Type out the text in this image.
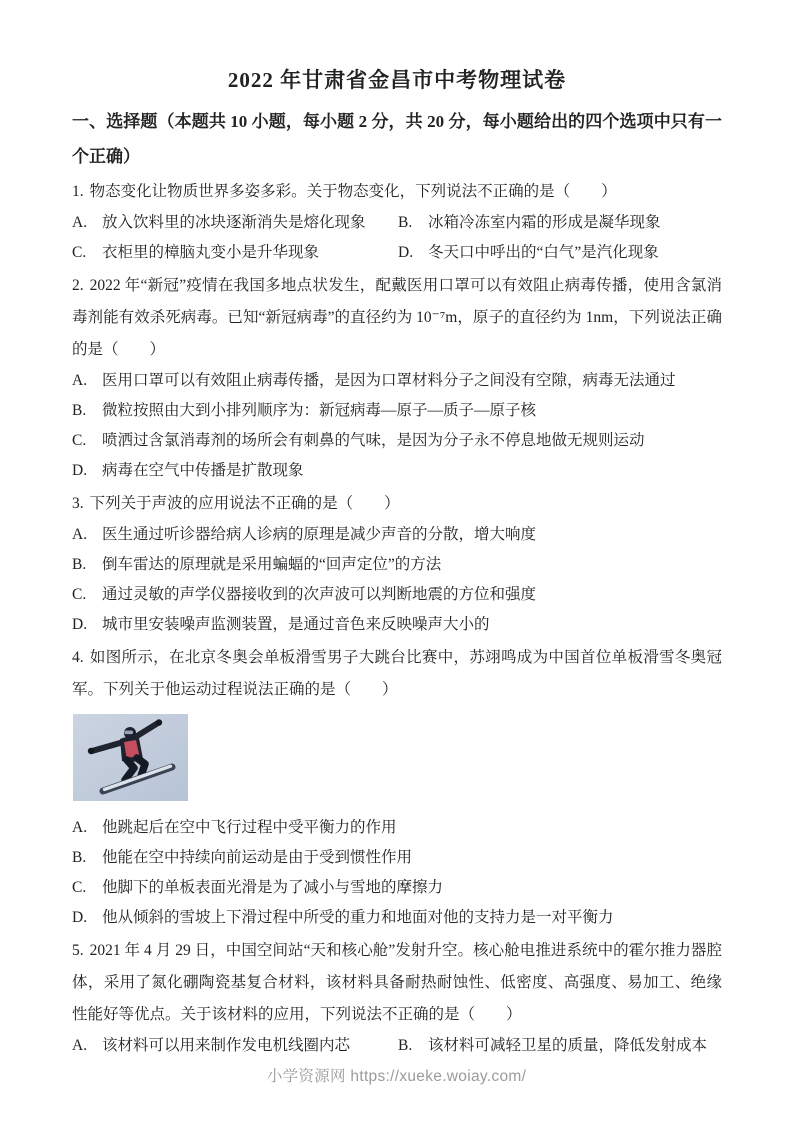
2022 年甘肃省金昌市中考物理试卷
一、选择题（本题共 10 小题，每小题 2 分，共 20 分，每小题给出的四个选项中只有一个正确）

1. 物态变化让物质世界多姿多彩。关于物态变化，下列说法不正确的是（　　）

A. 放入饮料里的冰块逐渐消失是熔化现象	B. 冰箱冷冻室内霜的形成是凝华现象
C. 衣柜里的樟脑丸变小是升华现象	D. 冬天口中呼出的“白气”是汽化现象

2. 2022 年“新冠”疫情在我国多地点状发生，配戴医用口罩可以有效阻止病毒传播，使用含氯消毒剂能有效杀死病毒。已知“新冠病毒”的直径约为 10⁻⁷m，原子的直径约为 1nm，下列说法正确的是（　　）

A. 医用口罩可以有效阻止病毒传播，是因为口罩材料分子之间没有空隙，病毒无法通过
B. 微粒按照由大到小排列顺序为：新冠病毒—原子—质子—原子核
C. 喷洒过含氯消毒剂的场所会有刺鼻的气味，是因为分子永不停息地做无规则运动
D. 病毒在空气中传播是扩散现象

3. 下列关于声波的应用说法不正确的是（　　）

A. 医生通过听诊器给病人诊病的原理是减少声音的分散，增大响度
B. 倒车雷达的原理就是采用蝙蝠的“回声定位”的方法
C. 通过灵敏的声学仪器接收到的次声波可以判断地震的方位和强度
D. 城市里安装噪声监测装置，是通过音色来反映噪声大小的

4. 如图所示，在北京冬奥会单板滑雪男子大跳台比赛中，苏翊鸣成为中国首位单板滑雪冬奥冠军。下列关于他运动过程说法正确的是（　　）

A. 他跳起后在空中飞行过程中受平衡力的作用
B. 他能在空中持续向前运动是由于受到惯性作用
C. 他脚下的单板表面光滑是为了减小与雪地的摩擦力
D. 他从倾斜的雪坡上下滑过程中所受的重力和地面对他的支持力是一对平衡力

5. 2021 年 4 月 29 日，中国空间站“天和核心舱”发射升空。核心舱电推进系统中的霍尔推力器腔体，采用了氮化硼陶瓷基复合材料，该材料具备耐热耐蚀性、低密度、高强度、易加工、绝缘性能好等优点。关于该材料的应用，下列说法不正确的是（　　）

A. 该材料可以用来制作发电机线圈内芯	B. 该材料可减轻卫星的质量，降低发射成本
小学资源网 https://xueke.woiay.com/
